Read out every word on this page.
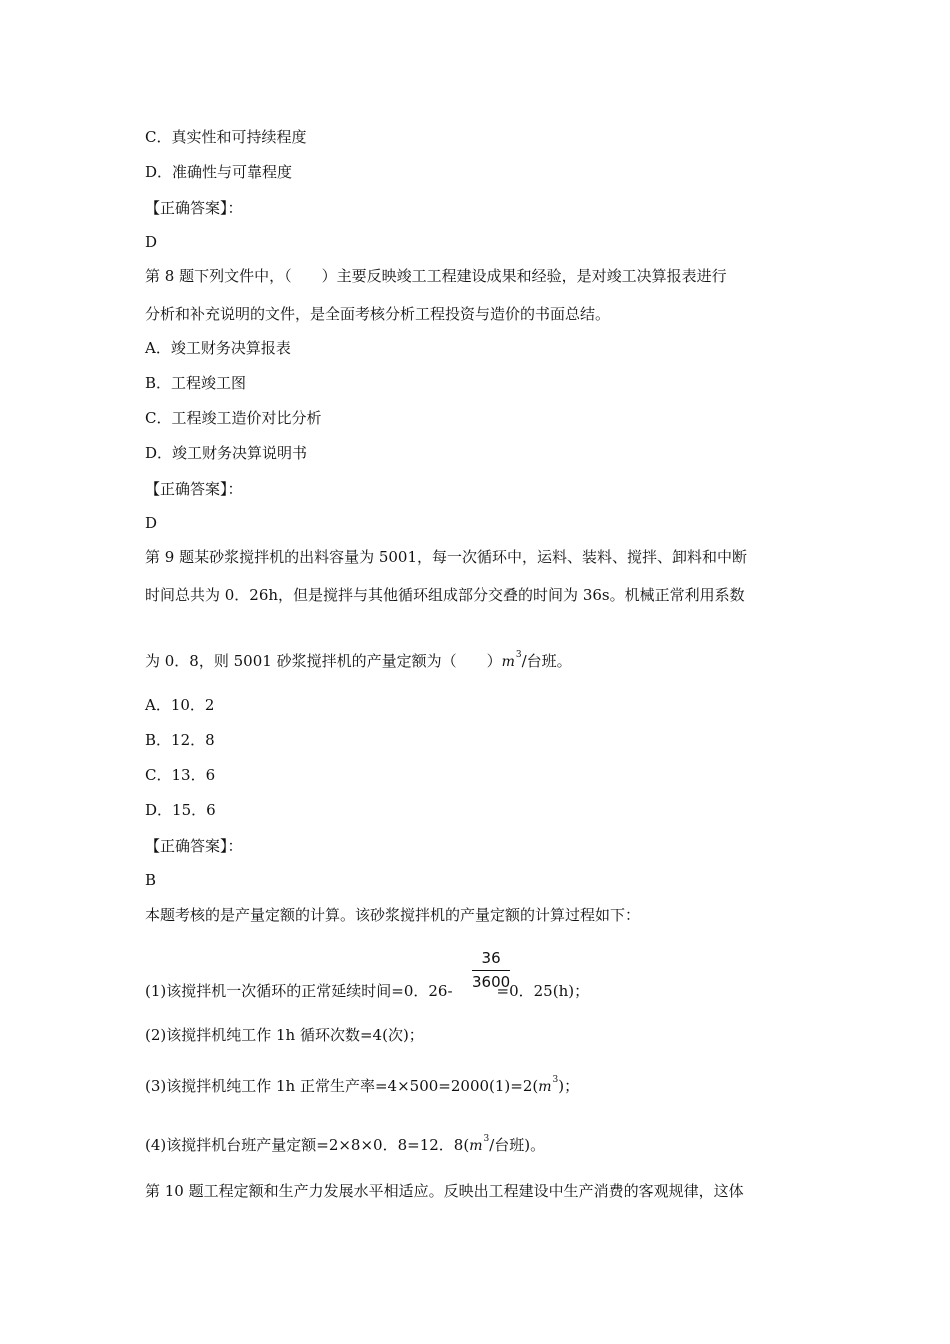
C．真实性和可持续程度
D．准确性与可靠程度
【正确答案】：
D
第 8 题下列文件中，（　　）主要反映竣工工程建设成果和经验，是对竣工决算报表进行
分析和补充说明的文件，是全面考核分析工程投资与造价的书面总结。
A．竣工财务决算报表
B．工程竣工图
C．工程竣工造价对比分析
D．竣工财务决算说明书
【正确答案】：
D
第 9 题某砂浆搅拌机的出料容量为 5001，每一次循环中，运料、装料、搅拌、卸料和中断
时间总共为 0．26h，但是搅拌与其他循环组成部分交叠的时间为 36s。机械正常利用系数
为 0．8，则 5001 砂浆搅拌机的产量定额为（　　）$m^3/$台班。
A．10．2
B．12．8
C．13．6
D．15．6
【正确答案】：
B
本题考核的是产量定额的计算。该砂浆搅拌机的产量定额的计算过程如下：
(1)该搅拌机一次循环的正常延续时间=0．26-	=0．25(h)；
36
3600
(2)该搅拌机纯工作 1h 循环次数=4(次)；
(3)该搅拌机纯工作 1h 正常生产率$=4\times 500=2000(1)=2(m^3)$；
(4)该搅拌机台班产量定额=2×8×0．8=12．$8(m^3/$台班)。
第 10 题工程定额和生产力发展水平相适应。反映出工程建设中生产消费的客观规律，这体
